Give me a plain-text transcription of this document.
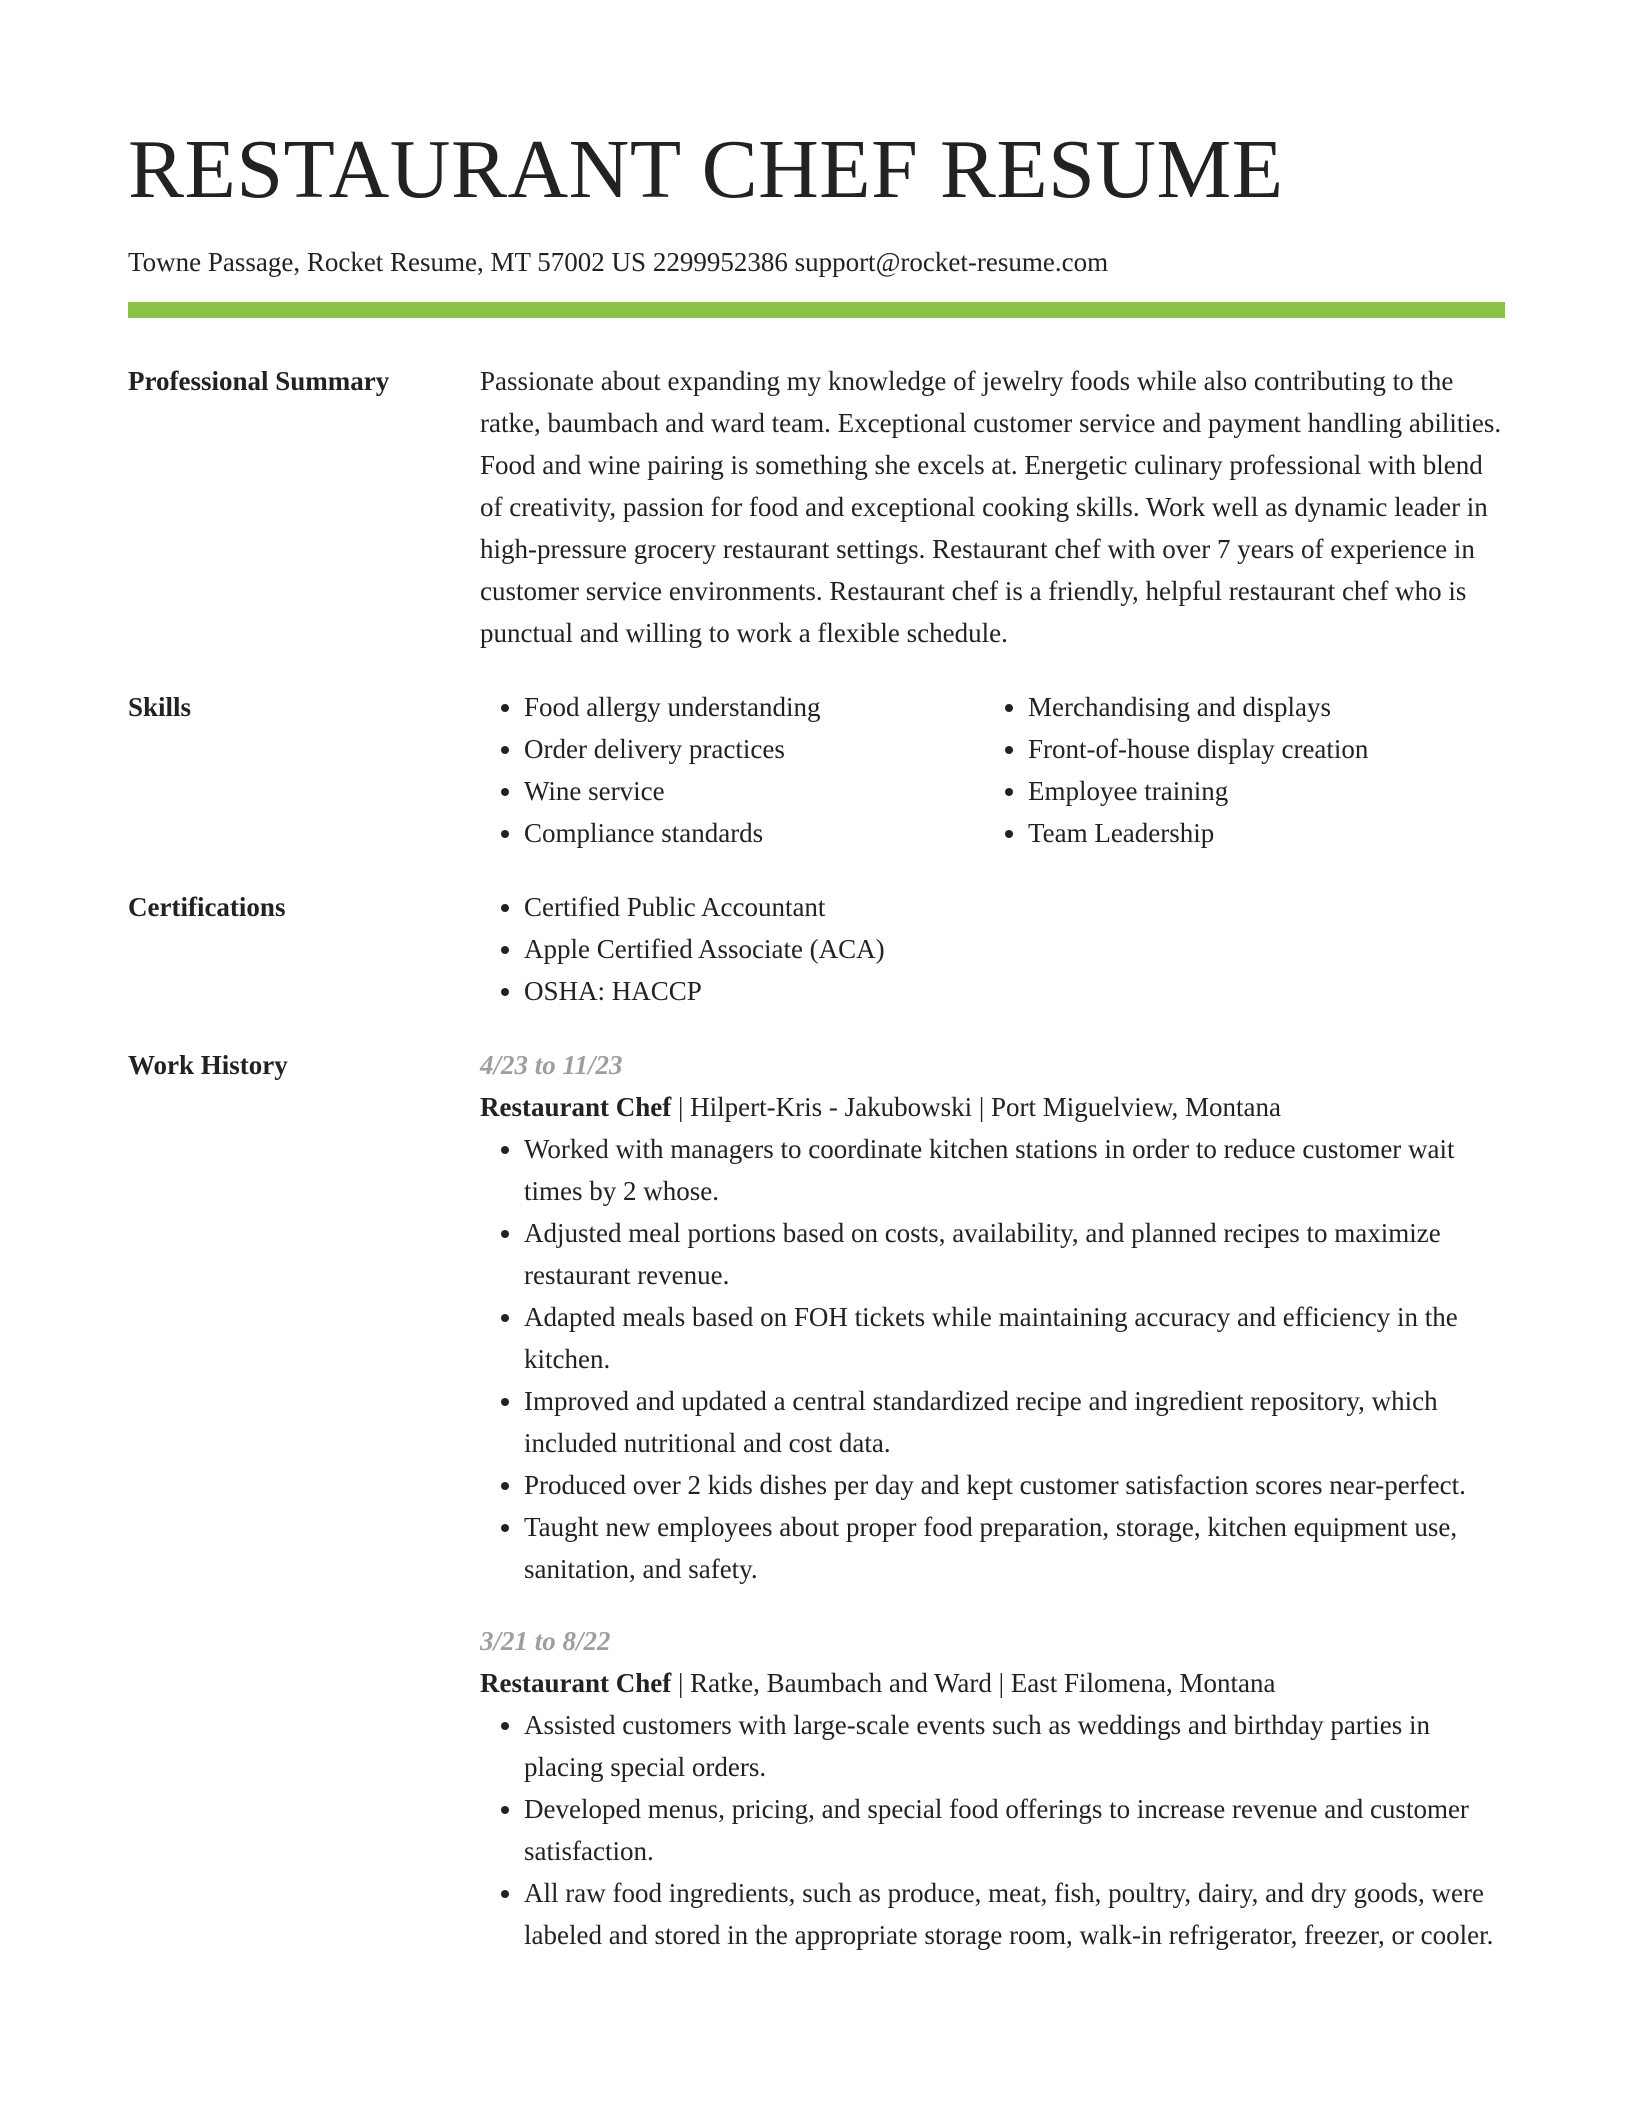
RESTAURANT CHEF RESUME
Towne Passage, Rocket Resume, MT 57002 US 2299952386 support@rocket-resume.com
Professional Summary	Passionate about expanding my knowledge of jewelry foods while also contributing to the ratke, baumbach and ward team. Exceptional customer service and payment handling abilities. Food and wine pairing is something she excels at. Energetic culinary professional with blend of creativity, passion for food and exceptional cooking skills. Work well as dynamic leader in high-pressure grocery restaurant settings. Restaurant chef with over 7 years of experience in customer service environments. Restaurant chef is a friendly, helpful restaurant chef who is punctual and willing to work a flexible schedule.

Skills	• Food allergy understanding
• Order delivery practices
• Wine service
• Compliance standards
• Merchandising and displays
• Front-of-house display creation
• Employee training
• Team Leadership
Certifications	• Certified Public Accountant
• Apple Certified Associate (ACA)
• OSHA: HACCP
Work History	4/23 to 11/23
Restaurant Chef | Hilpert-Kris - Jakubowski | Port Miguelview, Montana
• Worked with managers to coordinate kitchen stations in order to reduce customer wait times by 2 whose.
• Adjusted meal portions based on costs, availability, and planned recipes to maximize restaurant revenue.
• Adapted meals based on FOH tickets while maintaining accuracy and efficiency in the kitchen.
• Improved and updated a central standardized recipe and ingredient repository, which included nutritional and cost data.
• Produced over 2 kids dishes per day and kept customer satisfaction scores near-perfect.
• Taught new employees about proper food preparation, storage, kitchen equipment use, sanitation, and safety.
3/21 to 8/22
Restaurant Chef | Ratke, Baumbach and Ward | East Filomena, Montana
• Assisted customers with large-scale events such as weddings and birthday parties in placing special orders.
• Developed menus, pricing, and special food offerings to increase revenue and customer satisfaction.
• All raw food ingredients, such as produce, meat, fish, poultry, dairy, and dry goods, were labeled and stored in the appropriate storage room, walk-in refrigerator, freezer, or cooler.
